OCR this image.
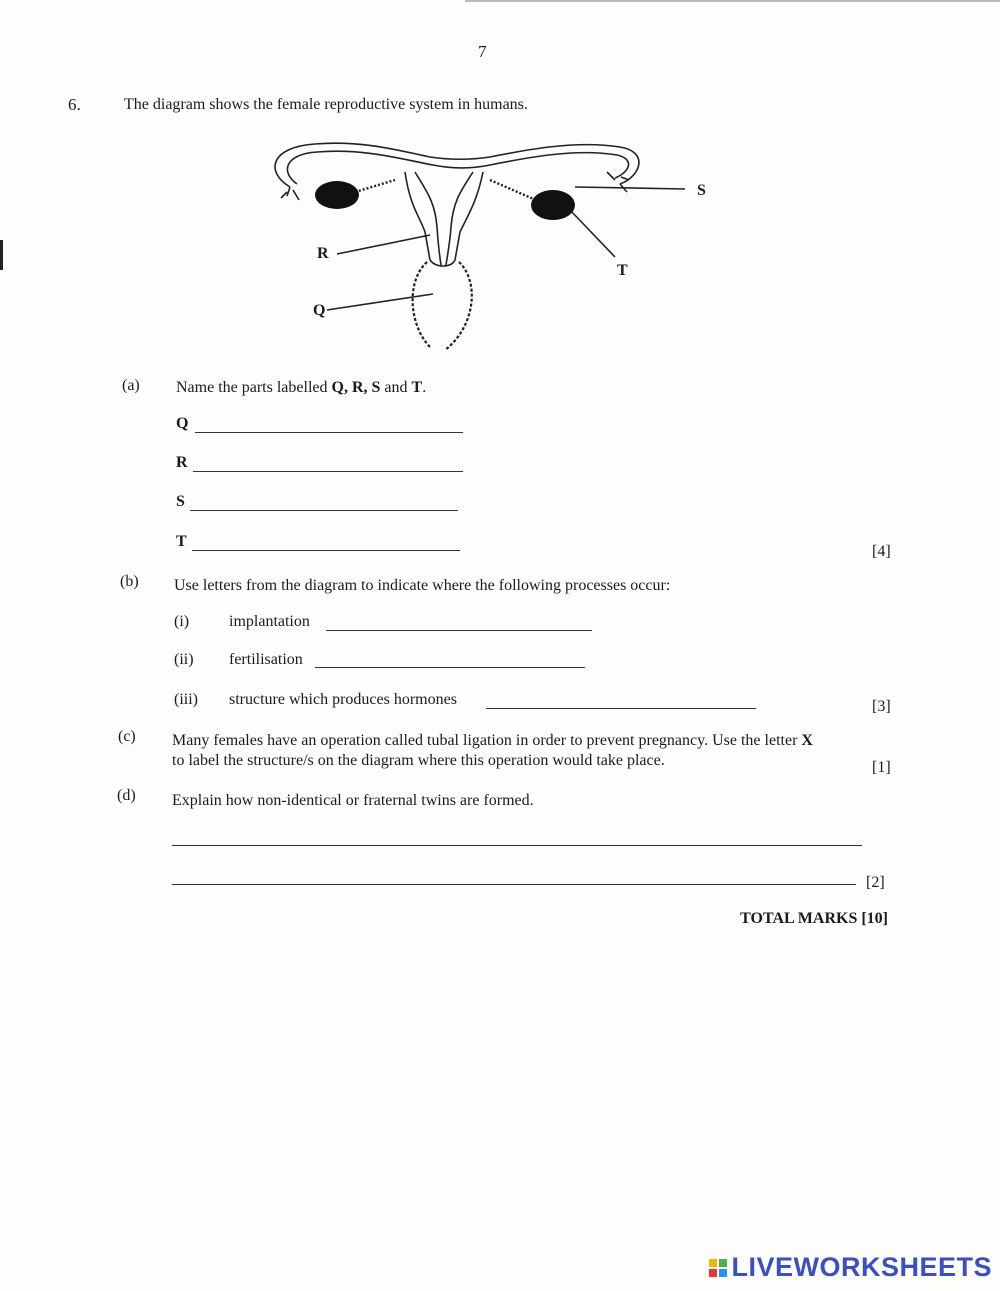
7
6.	The diagram shows the female reproductive system in humans.
R
Q
S
T
(a) Name the parts labelled Q, R, S and T.
Q
R
S
T
[4]
(b) Use letters from the diagram to indicate where the following processes occur:
(i) implantation
(ii) fertilisation
(iii) structure which produces hormones	[3]
(c) Many females have an operation called tubal ligation in order to prevent pregnancy. Use the letter X
to label the structure/s on the diagram where this operation would take place.	[1]
(d) Explain how non-identical or fraternal twins are formed.
[2]
TOTAL MARKS [10]
LIVEWORKSHEETS
